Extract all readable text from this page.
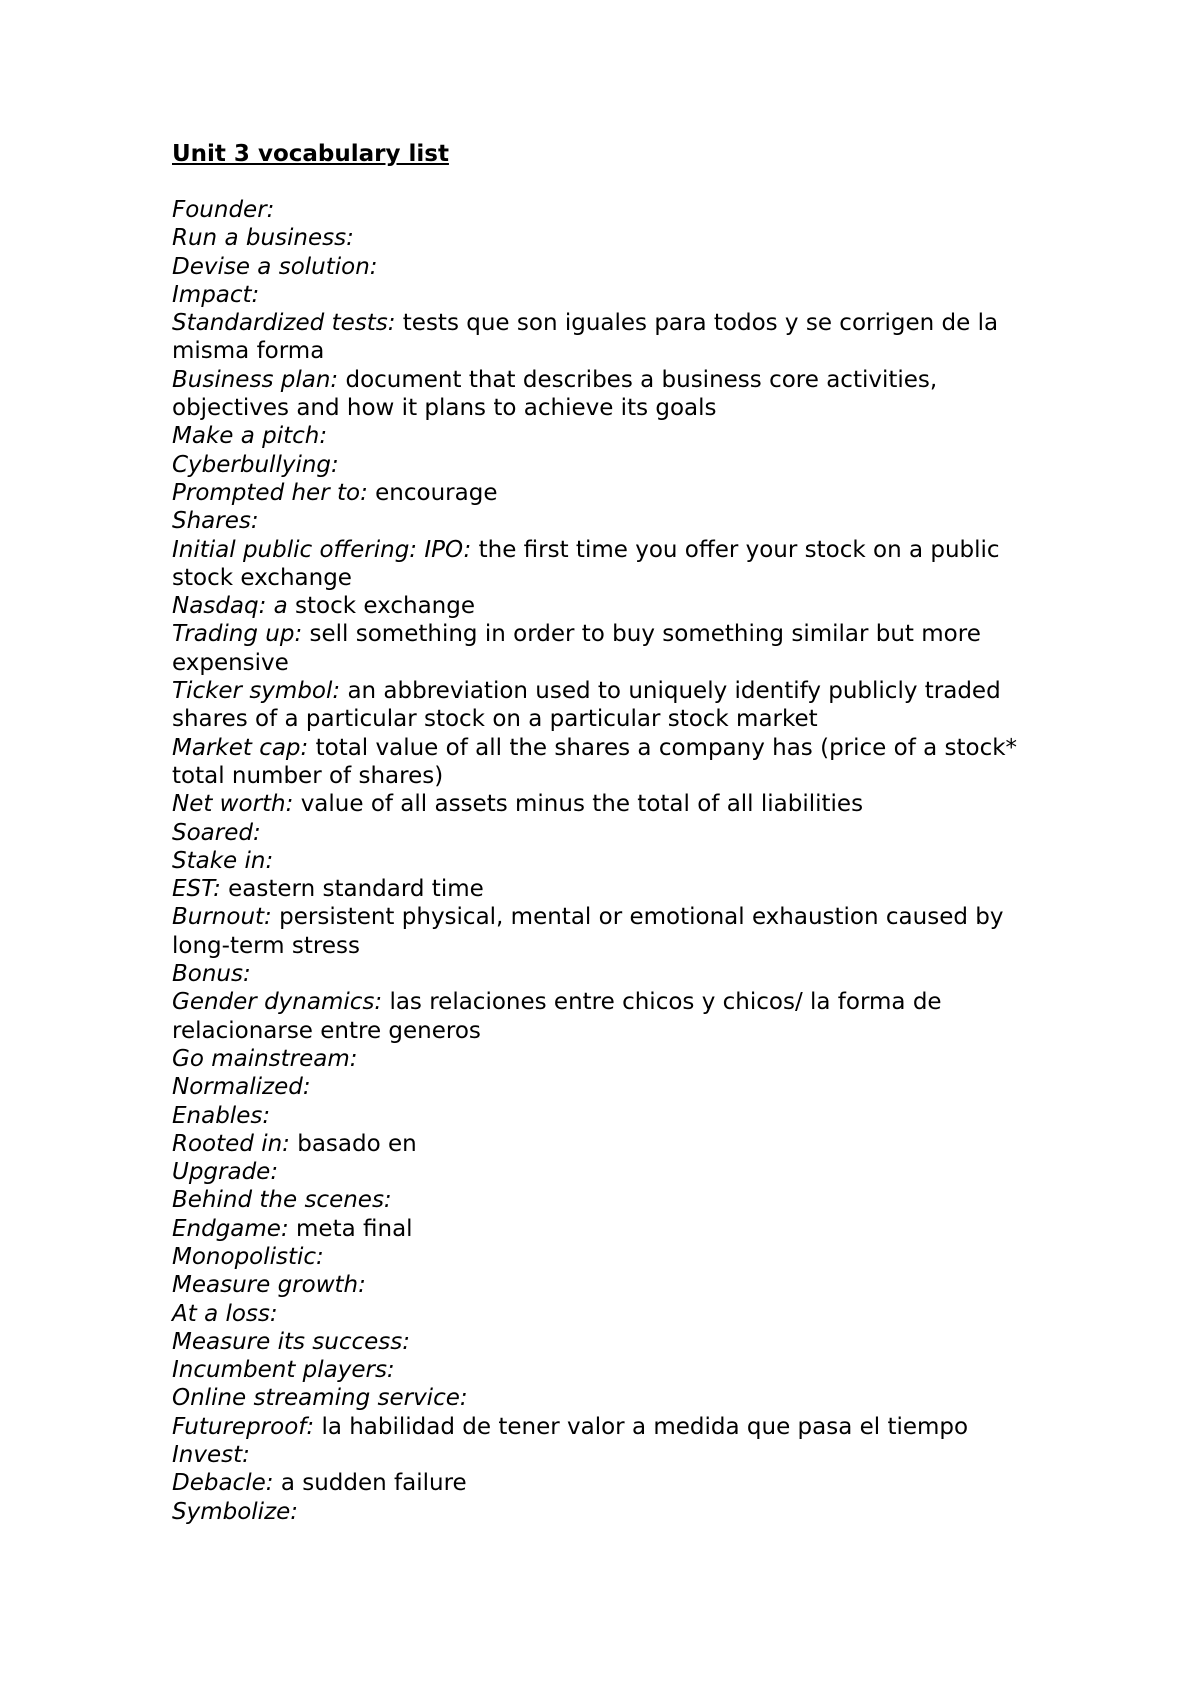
Unit 3 vocabulary list

Founder:

Run a business:

Devise a solution:

Impact:

Standardized tests: tests que son iguales para todos y se corrigen de la misma forma

Business plan: document that describes a business core activities, objectives and how it plans to achieve its goals

Make a pitch:

Cyberbullying:

Prompted her to: encourage

Shares:

Initial public offering: IPO: the first time you offer your stock on a public stock exchange

Nasdaq: a stock exchange

Trading up: sell something in order to buy something similar but more expensive

Ticker symbol: an abbreviation used to uniquely identify publicly traded shares of a particular stock on a particular stock market

Market cap: total value of all the shares a company has (price of a stock* total number of shares)

Net worth: value of all assets minus the total of all liabilities

Soared:

Stake in:

EST: eastern standard time

Burnout: persistent physical, mental or emotional exhaustion caused by long-term stress

Bonus:

Gender dynamics: las relaciones entre chicos y chicos/ la forma de relacionarse entre generos

Go mainstream:

Normalized:

Enables:

Rooted in: basado en

Upgrade:

Behind the scenes:

Endgame: meta final

Monopolistic:

Measure growth:

At a loss:

Measure its success:

Incumbent players:

Online streaming service:

Futureproof: la habilidad de tener valor a medida que pasa el tiempo

Invest:

Debacle: a sudden failure

Symbolize:
